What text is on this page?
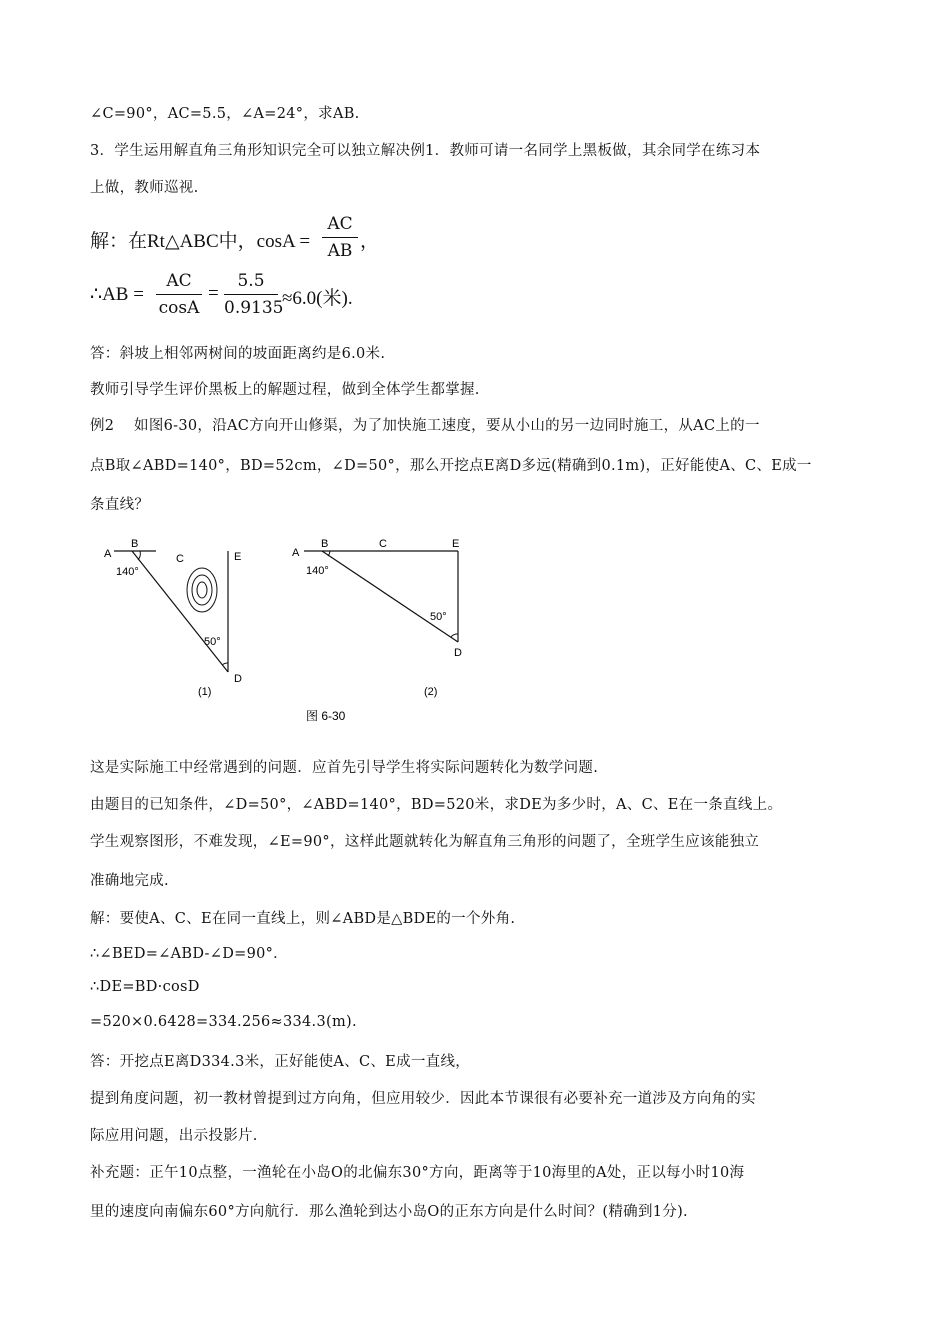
∠C=90°，AC=5.5，∠A=24°，求AB.
3．学生运用解直角三角形知识完全可以独立解决例1．教师可请一名同学上黑板做，其余同学在练习本
上做，教师巡视.
解：在Rt△ABC中，cosA =
AC
AB ，
∴AB =
AC
cosA
=
5.5
0.9135
≈6.0(米).
答：斜坡上相邻两树间的坡面距离约是6.0米.
教师引导学生评价黑板上的解题过程，做到全体学生都掌握.
例2　 如图6-30，沿AC方向开山修渠，为了加快施工速度，要从小山的另一边同时施工，从AC上的一
点B取∠ABD=140°，BD=52cm，∠D=50°，那么开挖点E离D多远(精确到0.1m)，正好能使A、C、E成一
条直线？
A
B
C	E
D
140°
50°
(1)
A
B	C	E
D
140°
50°
(2)
图 6-30
这是实际施工中经常遇到的问题．应首先引导学生将实际问题转化为数学问题.
由题目的已知条件，∠D=50°，∠ABD=140°，BD=520米，求DE为多少时，A、C、E在一条直线上。
学生观察图形，不难发现，∠E=90°，这样此题就转化为解直角三角形的问题了，全班学生应该能独立
准确地完成.
解：要使A、C、E在同一直线上，则∠ABD是△BDE的一个外角.
∴∠BED=∠ABD-∠D=90°．
∴DE=BD·cosD
=520×0.6428=334.256≈334.3(m).
答：开挖点E离D334.3米，正好能使A、C、E成一直线，
提到角度问题，初一教材曾提到过方向角，但应用较少．因此本节课很有必要补充一道涉及方向角的实
际应用问题，出示投影片.
补充题：正午10点整，一渔轮在小岛O的北偏东30°方向，距离等于10海里的A处，正以每小时10海
里的速度向南偏东60°方向航行．那么渔轮到达小岛O的正东方向是什么时间？(精确到1分).
